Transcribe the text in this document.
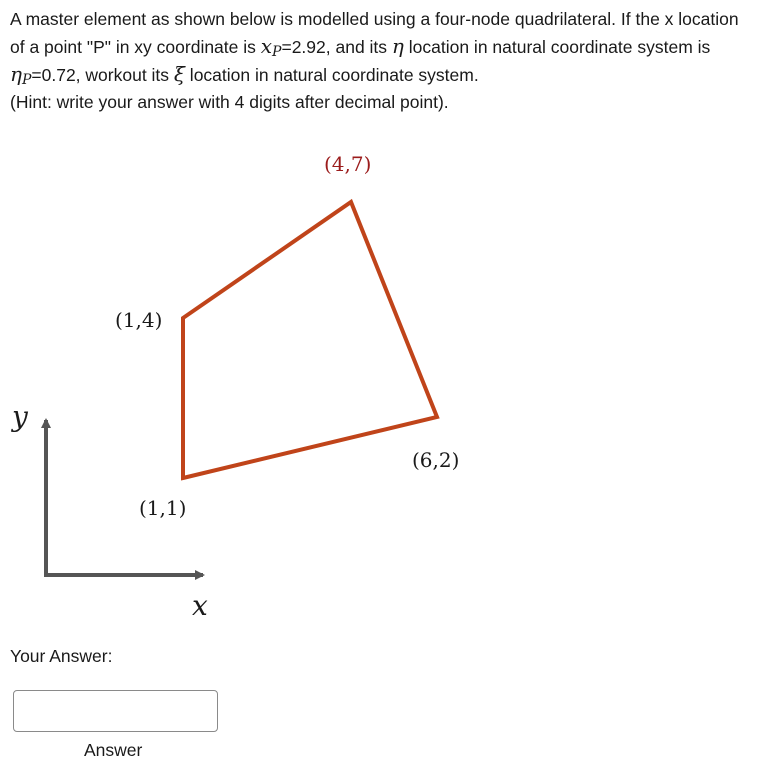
A master element as shown below is modelled using a four-node quadrilateral. If the x location of a point "P" in xy coordinate is $x_P=2.92$, and its η location in natural coordinate system is $\eta_P=0.72$, workout its ξ location in natural coordinate system.
(Hint: write your answer with 4 digits after decimal point).

y
x
(4,7)
(1,4)
(6,2)
(1,1)

Your Answer:

Answer
